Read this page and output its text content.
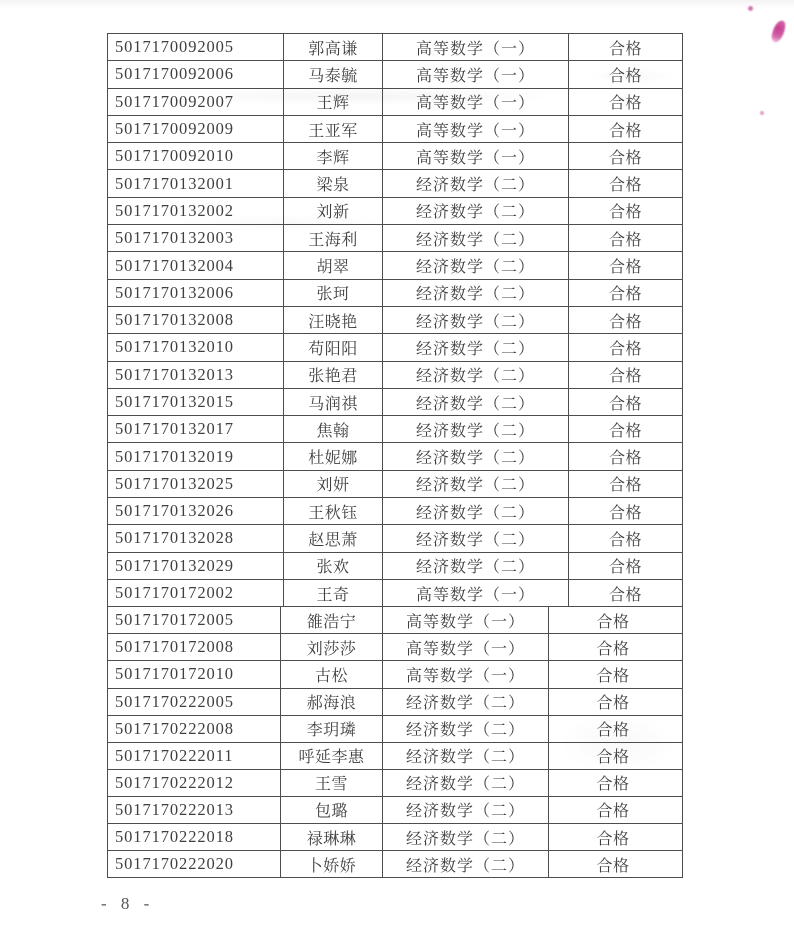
5017170092005	郭高谦	高等数学（一）	合格
5017170092006	马泰毓	高等数学（一）	合格
5017170092007	王辉	高等数学（一）	合格
5017170092009	王亚军	高等数学（一）	合格
5017170092010	李辉	高等数学（一）	合格
5017170132001	梁泉	经济数学（二）	合格
5017170132002	刘新	经济数学（二）	合格
5017170132003	王海利	经济数学（二）	合格
5017170132004	胡翠	经济数学（二）	合格
5017170132006	张珂	经济数学（二）	合格
5017170132008	汪晓艳	经济数学（二）	合格
5017170132010	苟阳阳	经济数学（二）	合格
5017170132013	张艳君	经济数学（二）	合格
5017170132015	马润祺	经济数学（二）	合格
5017170132017	焦翰	经济数学（二）	合格
5017170132019	杜妮娜	经济数学（二）	合格
5017170132025	刘妍	经济数学（二）	合格
5017170132026	王秋钰	经济数学（二）	合格
5017170132028	赵思萧	经济数学（二）	合格
5017170132029	张欢	经济数学（二）	合格
5017170172002	王奇	高等数学（一）	合格
5017170172005	雒浩宁	高等数学（一）	合格
5017170172008	刘莎莎	高等数学（一）	合格
5017170172010	古松	高等数学（一）	合格
5017170222005	郝海浪	经济数学（二）	合格
5017170222008	李玥璘	经济数学（二）	合格
5017170222011	呼延李惠	经济数学（二）	合格
5017170222012	王雪	经济数学（二）	合格
5017170222013	包璐	经济数学（二）	合格
5017170222018	禄琳琳	经济数学（二）	合格
5017170222020	卜娇娇	经济数学（二）	合格
- 8 -
